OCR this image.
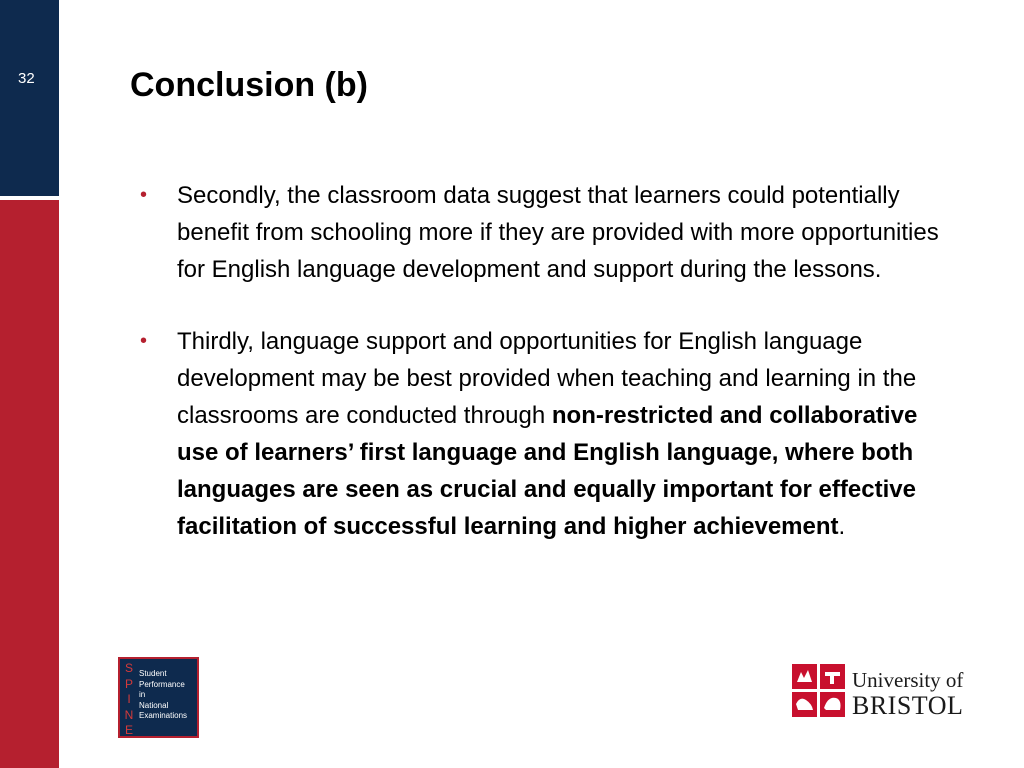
32	Conclusion (b)
• Secondly, the classroom data suggest that learners could potentially benefit from schooling more if they are provided with more opportunities for English language development and support during the lessons.
• Thirdly, language support and opportunities for English language development may be best provided when teaching and learning in the classrooms are conducted through non-restricted and collaborative use of learners’ first language and English language, where both languages are seen as crucial and equally important for effective facilitation of successful learning and higher achievement.
S
P
I
N
E
Student
Performance
in
National
Examinations
University of
BRISTOL
